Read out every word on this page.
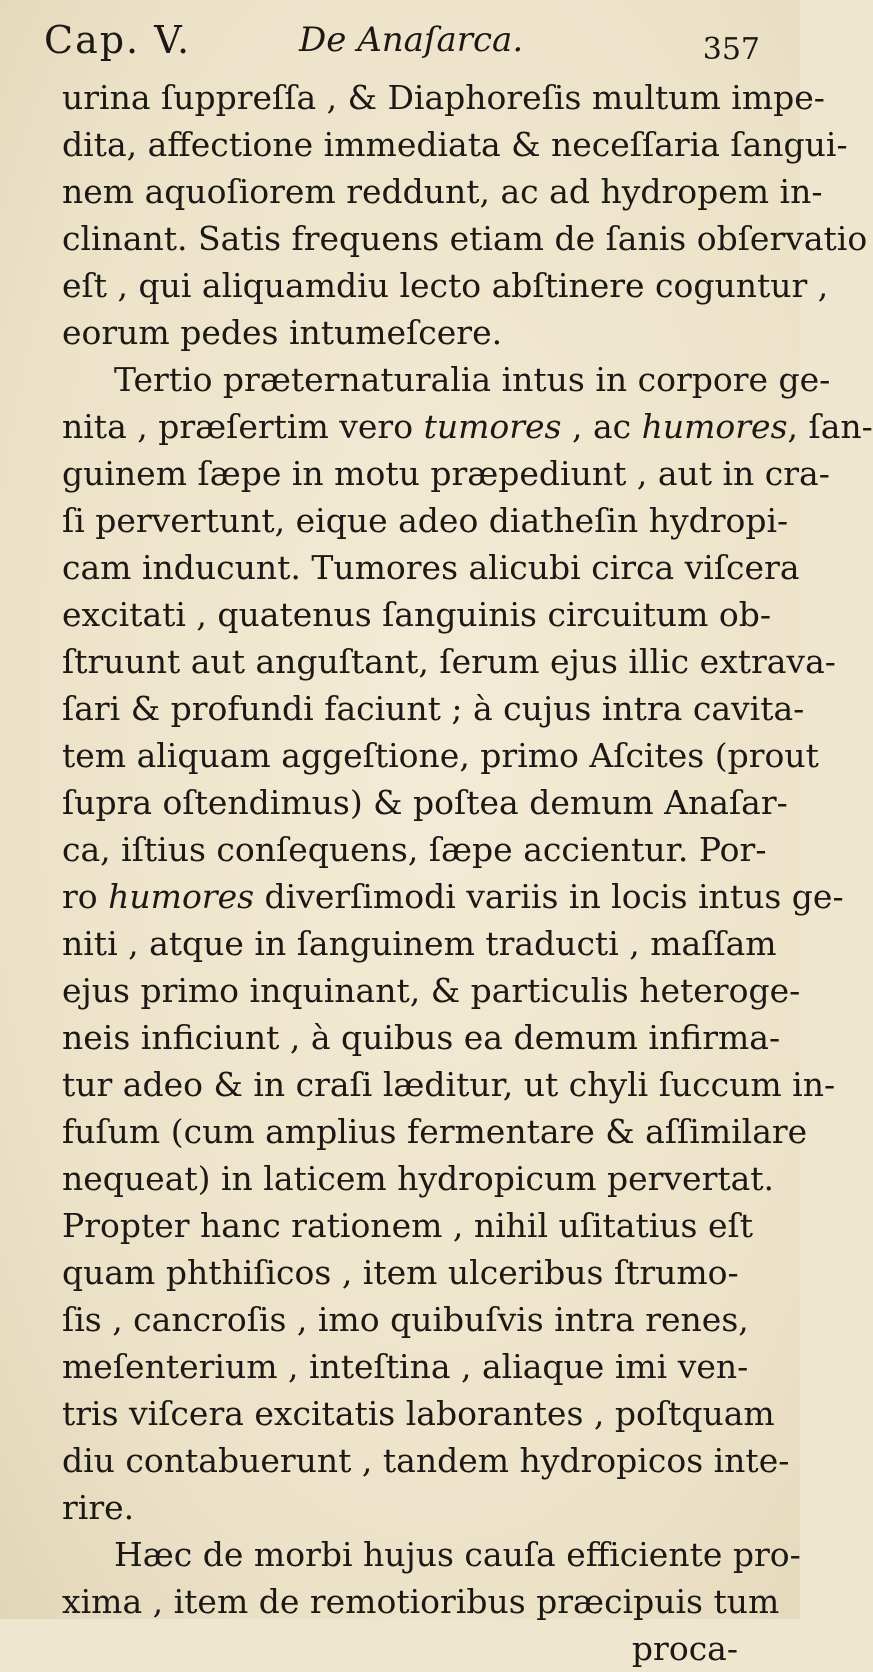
Cap. V.	De Anaſarca.	357
urina ſuppreſſa , & Diaphoreſis multum impe-
dita, affectione immediata & neceſſaria ſangui-
nem aquoſiorem reddunt, ac ad hydropem in-
clinant. Satis frequens etiam de ſanis obſervatio
eſt , qui aliquamdiu lecto abſtinere coguntur ,
eorum pedes intumeſcere.
Tertio præternaturalia intus in corpore ge-
nita , præſertim vero tumores , ac humores, ſan-
guinem ſæpe in motu præpediunt , aut in cra-
ſi pervertunt, eique adeo diatheſin hydropi-
cam inducunt. Tumores alicubi circa viſcera
excitati , quatenus ſanguinis circuitum ob-
ſtruunt aut anguſtant, ſerum ejus illic extrava-
ſari & profundi faciunt ; à cujus intra cavita-
tem aliquam aggeſtione, primo Aſcites (prout
ſupra oſtendimus) & poſtea demum Anaſar-
ca, iſtius conſequens, ſæpe accientur. Por-
ro humores diverſimodi variis in locis intus ge-
niti , atque in ſanguinem traducti , maſſam
ejus primo inquinant, & particulis heteroge-
neis inficiunt , à quibus ea demum infirma-
tur adeo & in craſi læditur, ut chyli ſuccum in-
fuſum (cum amplius fermentare & aſſimilare
nequeat) in laticem hydropicum pervertat.
Propter hanc rationem , nihil uſitatius eſt
quam phthiſicos , item ulceribus ſtrumo-
ſis , cancroſis , imo quibuſvis intra renes,
meſenterium , inteſtina , aliaque imi ven-
tris viſcera excitatis laborantes , poſtquam
diu contabuerunt , tandem hydropicos inte-
rire.
Hæc de morbi hujus cauſa efficiente pro-
xima , item de remotioribus præcipuis tum
proca-
